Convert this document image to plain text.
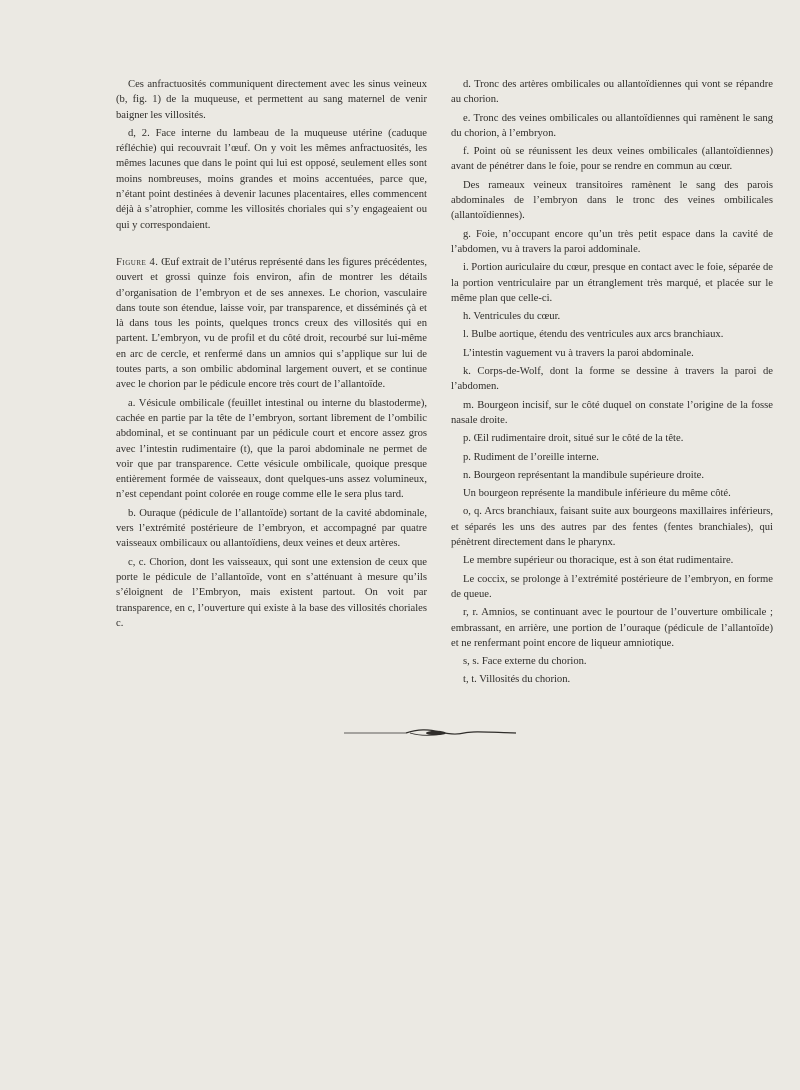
Ces anfractuosités communiquent directement avec les sinus veineux (b, fig. 1) de la muqueuse, et permettent au sang maternel de venir baigner les villosités.

d, 2. Face interne du lambeau de la muqueuse utérine (caduque réfléchie) qui recouvrait l’œuf. On y voit les mêmes anfractuosités, les mêmes lacunes que dans le point qui lui est opposé, seulement elles sont moins nombreuses, moins grandes et moins accentuées, parce que, n’étant point destinées à devenir lacunes placentaires, elles commencent déjà à s’atrophier, comme les villosités choriales qui s’y engageaient ou qui y correspondaient.

Figure 4. Œuf extrait de l’utérus représenté dans les figures précédentes, ouvert et grossi quinze fois environ, afin de montrer les détails d’organisation de l’embryon et de ses annexes. Le chorion, vasculaire dans toute son étendue, laisse voir, par transparence, et disséminés çà et là dans tous les points, quelques troncs creux des villosités qui en partent. L’embryon, vu de profil et du côté droit, recourbé sur lui-même en arc de cercle, et renfermé dans un amnios qui s’applique sur lui de toutes parts, a son ombilic abdominal largement ouvert, et se continue avec le chorion par le pédicule encore très court de l’allantoïde.

a. Vésicule ombilicale (feuillet intestinal ou interne du blastoderme), cachée en partie par la tête de l’embryon, sortant librement de l’ombilic abdominal, et se continuant par un pédicule court et encore assez gros avec l’intestin rudimentaire (t), que la paroi abdominale ne permet de voir que par transparence. Cette vésicule ombilicale, quoique presque entièrement formée de vaisseaux, dont quelques-uns assez volumineux, n’est cependant point colorée en rouge comme elle le sera plus tard.

b. Ouraque (pédicule de l’allantoïde) sortant de la cavité abdominale, vers l’extrémité postérieure de l’embryon, et accompagné par quatre vaisseaux ombilicaux ou allantoïdiens, deux veines et deux artères.

c, c. Chorion, dont les vaisseaux, qui sont une extension de ceux que porte le pédicule de l’allantoïde, vont en s’atténuant à mesure qu’ils s’éloignent de l’Embryon, mais existent partout. On voit par transparence, en c, l’ouverture qui existe à la base des villosités choriales c.

d. Tronc des artères ombilicales ou allantoïdiennes qui vont se répandre au chorion.

e. Tronc des veines ombilicales ou allantoïdiennes qui ramènent le sang du chorion, à l’embryon.

f. Point où se réunissent les deux veines ombilicales (allantoïdiennes) avant de pénétrer dans le foie, pour se rendre en commun au cœur.

Des rameaux veineux transitoires ramènent le sang des parois abdominales de l’embryon dans le tronc des veines ombilicales (allantoïdiennes).

g. Foie, n’occupant encore qu’un très petit espace dans la cavité de l’abdomen, vu à travers la paroi addominale.

i. Portion auriculaire du cœur, presque en contact avec le foie, séparée de la portion ventriculaire par un étranglement très marqué, et placée sur le même plan que celle-ci.

h. Ventricules du cœur.

l. Bulbe aortique, étendu des ventricules aux arcs branchiaux.

L’intestin vaguement vu à travers la paroi abdominale.

k. Corps-de-Wolf, dont la forme se dessine à travers la paroi de l’abdomen.

m. Bourgeon incisif, sur le côté duquel on constate l’origine de la fosse nasale droite.

p. Œil rudimentaire droit, situé sur le côté de la tête.

p. Rudiment de l’oreille interne.

n. Bourgeon représentant la mandibule supérieure droite.

Un bourgeon représente la mandibule inférieure du même côté.

o, q. Arcs branchiaux, faisant suite aux bourgeons maxillaires inférieurs, et séparés les uns des autres par des fentes (fentes branchiales), qui pénètrent directement dans le pharynx.

Le membre supérieur ou thoracique, est à son état rudimentaire.

Le coccix, se prolonge à l’extrémité postérieure de l’embryon, en forme de queue.

r, r. Amnios, se continuant avec le pourtour de l’ouverture ombilicale ; embrassant, en arrière, une portion de l’ouraque (pédicule de l’allantoïde) et ne renfermant point encore de liqueur amniotique.

s, s. Face externe du chorion.

t, t. Villosités du chorion.
